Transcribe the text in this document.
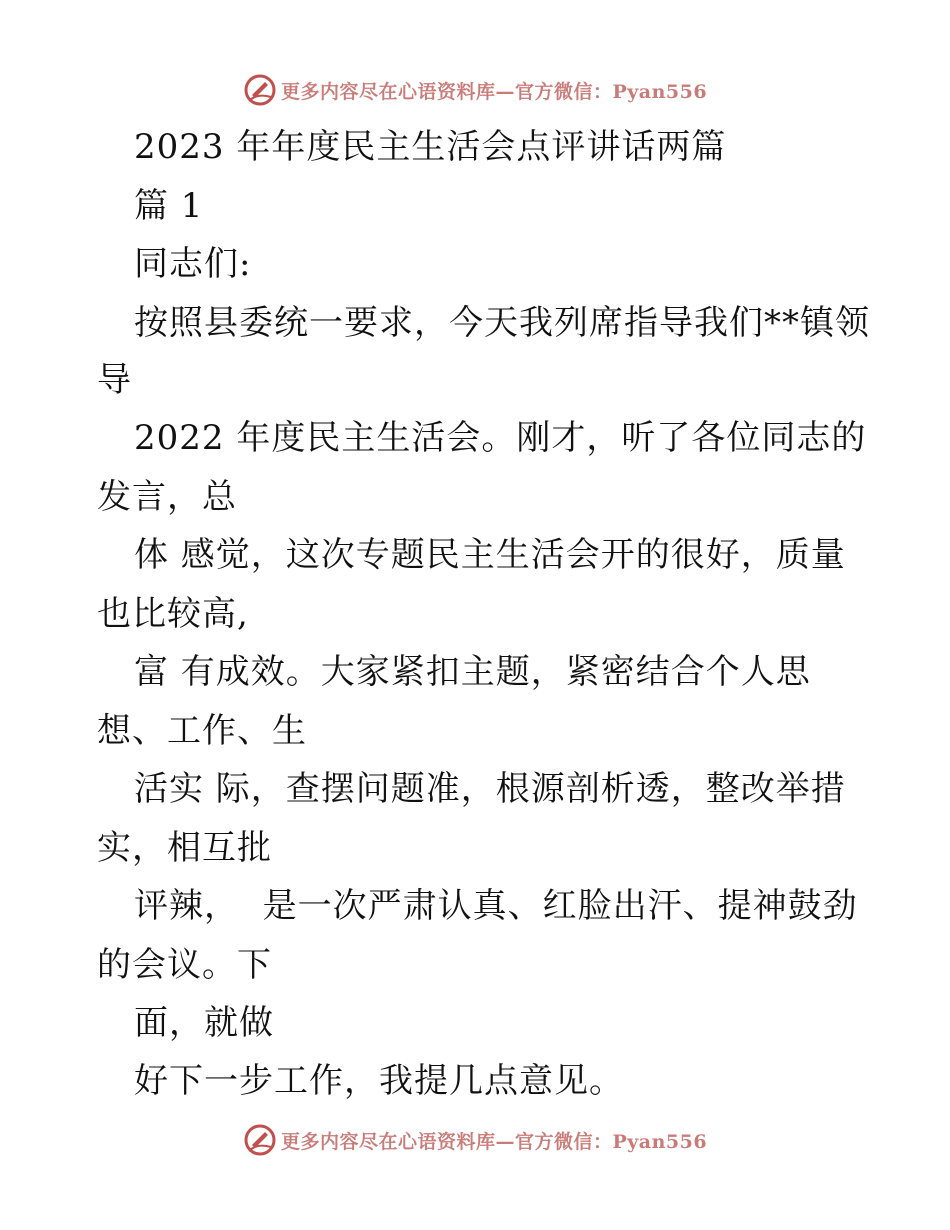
更多内容尽在心语资料库—官方微信：Pyan556
2023 年年度民主生活会点评讲话两篇
篇 1
同志们:
按照县委统一要求，今天我列席指导我们**镇领
导
2022 年度民主生活会。刚才，听了各位同志的
发言，总
体 感觉，这次专题民主生活会开的很好，质量
也比较高,
富 有成效。大家紧扣主题，紧密结合个人思
想、工作、生
活实 际，查摆问题准，根源剖析透，整改举措
实，相互批
评辣，  是一次严肃认真、红脸出汗、提神鼓劲
的会议。下
面，就做
好下一步工作，我提几点意见。
更多内容尽在心语资料库—官方微信：Pyan556
